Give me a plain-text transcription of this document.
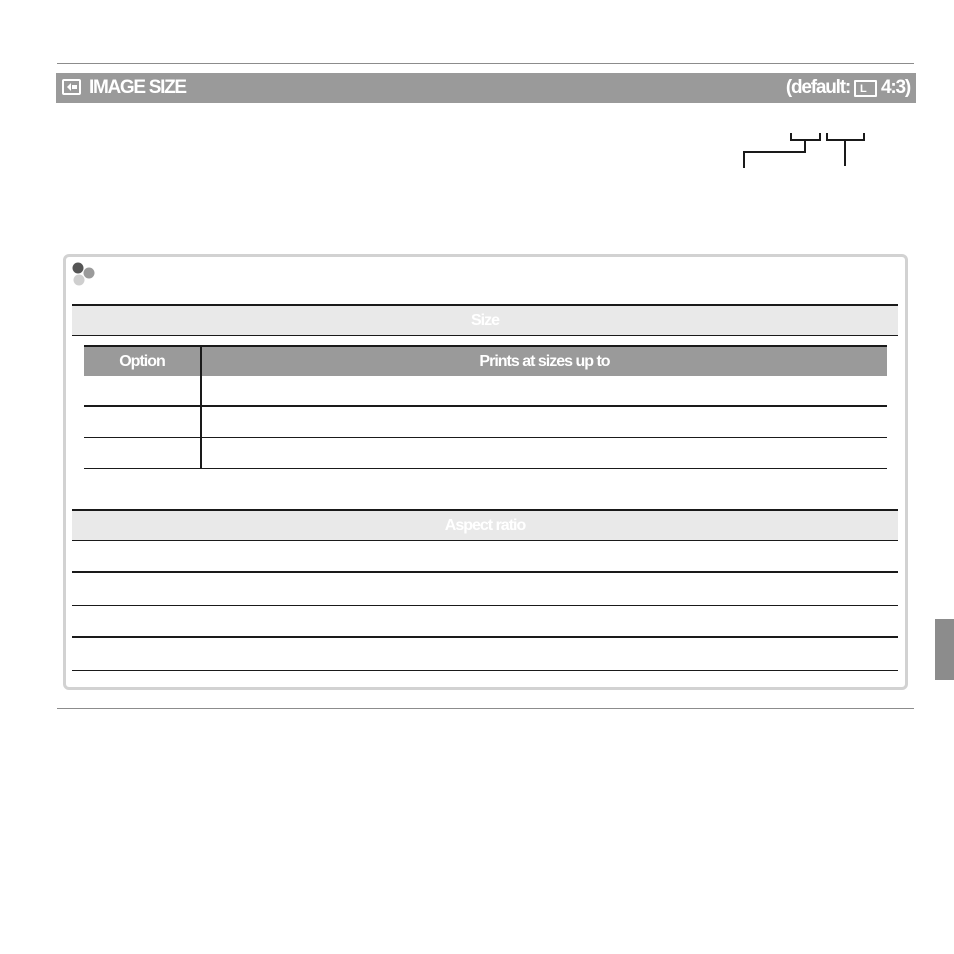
IMAGE SIZE	(default: L 4:3)
Size
Option	Prints at sizes up to
Aspect ratio
